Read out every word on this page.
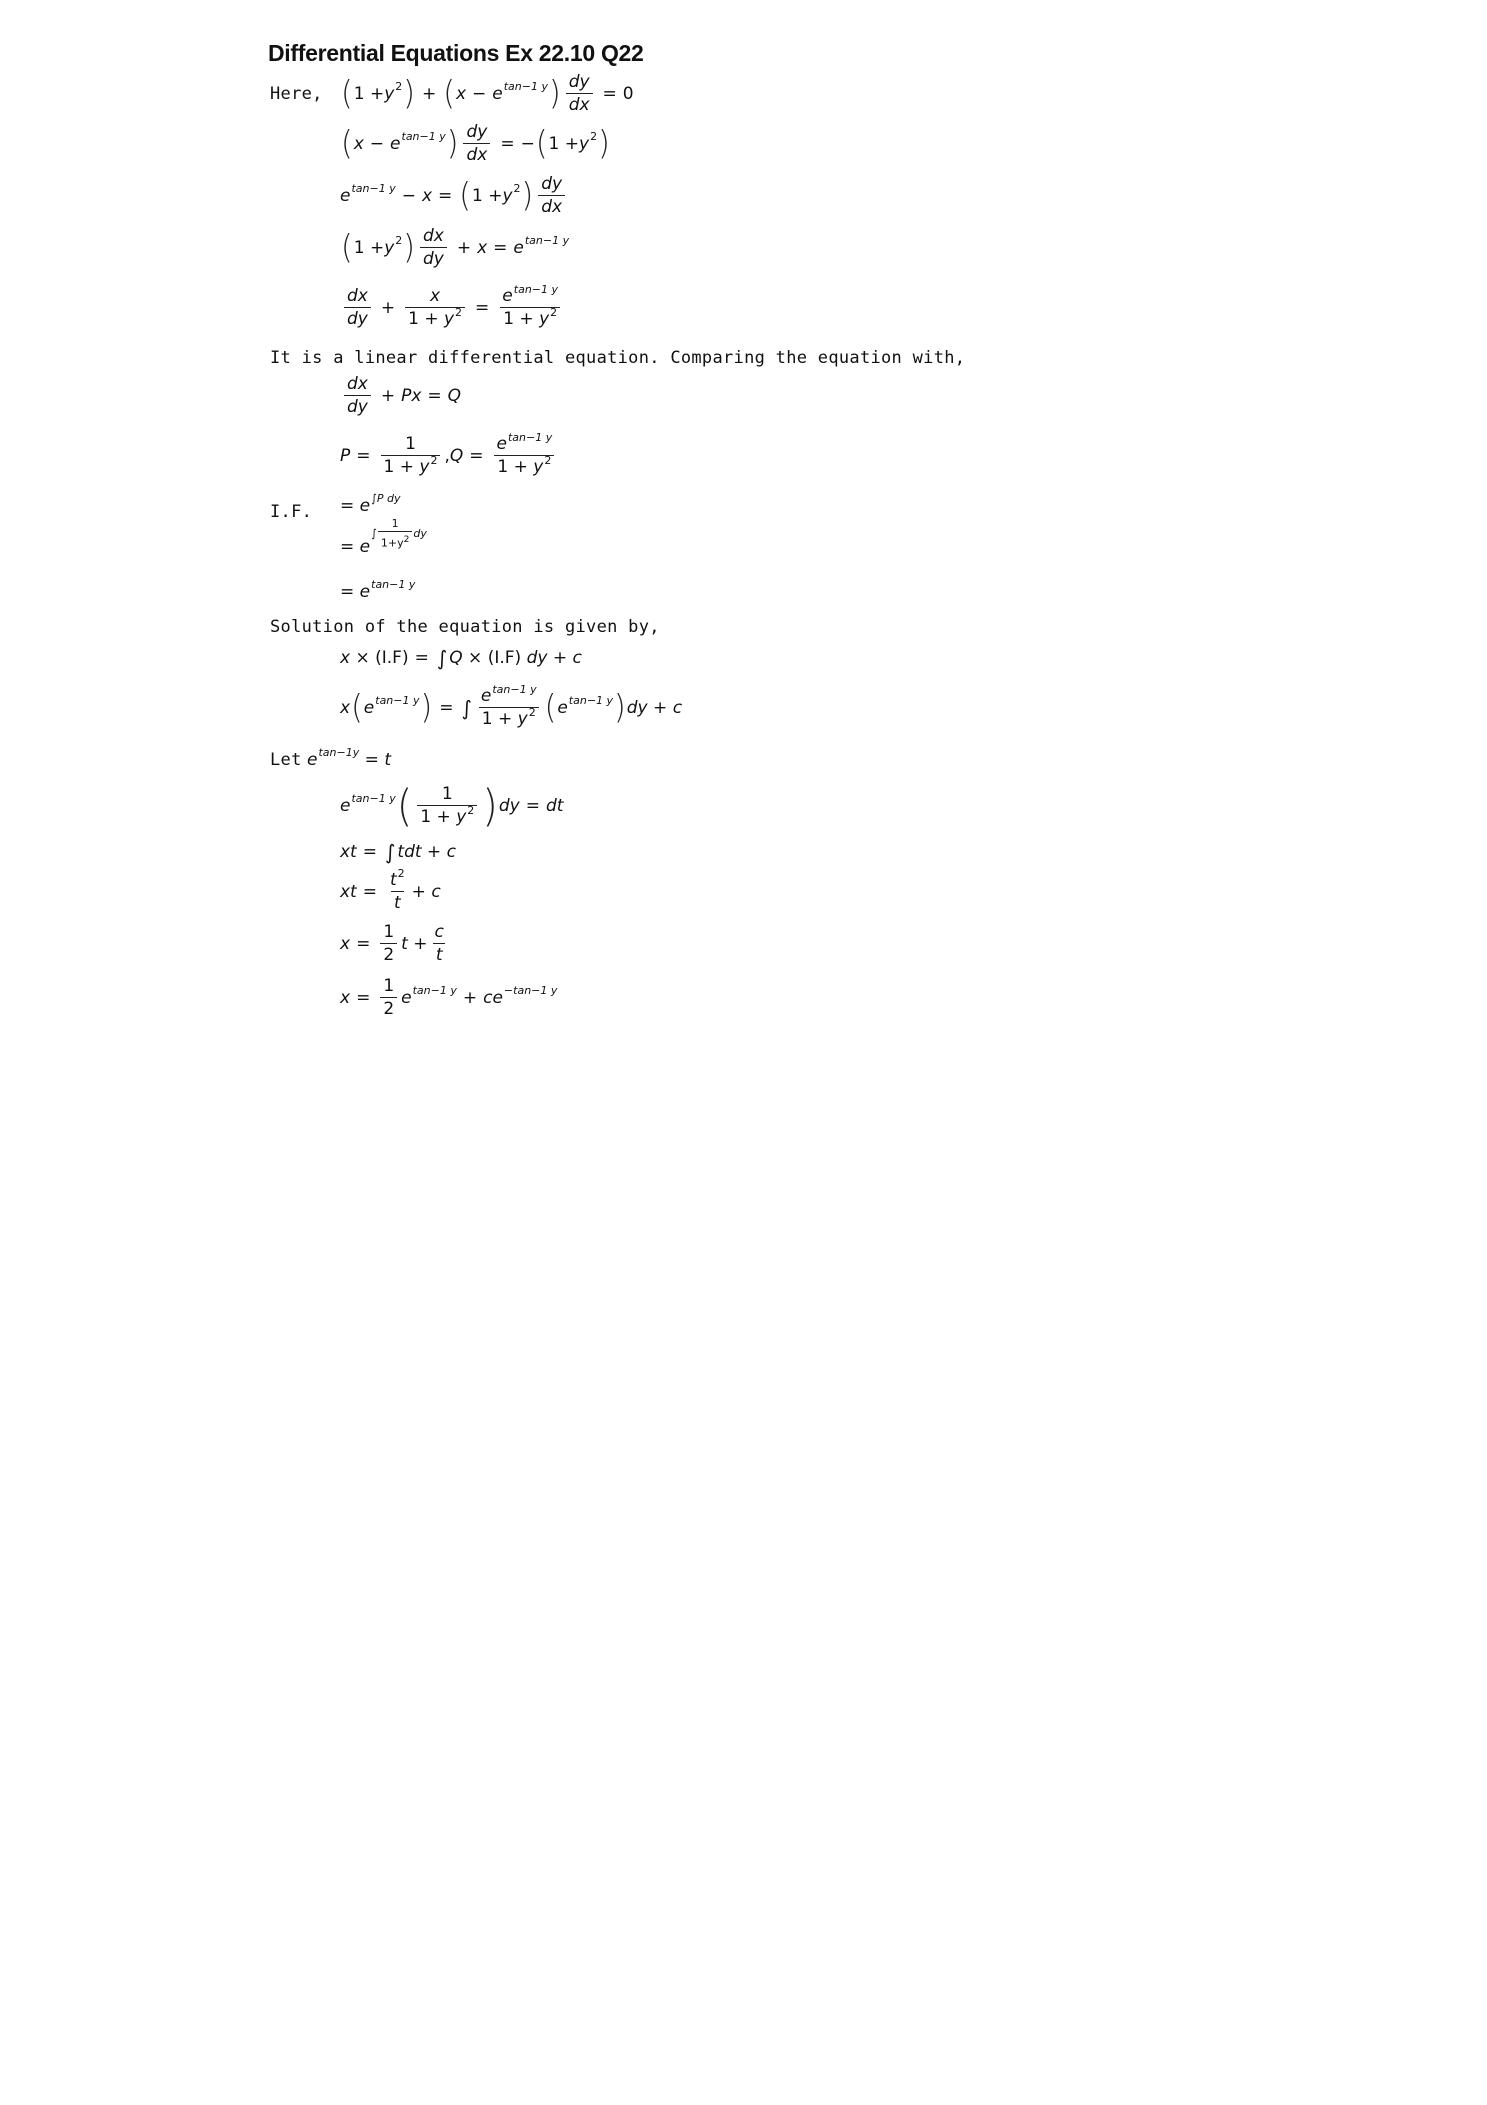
Differential Equations Ex 22.10 Q22
Here, ( 1 + y 2 ) + ( x − e tan−1 y ) $\frac{dy}{dx} = 0$
( x − e tan−1 y ) $\frac{dy}{dx}$ = − ( 1 + y 2 )
e tan−1 y − x = ( 1 + y 2 ) $\frac{dy}{dx}$
( 1 + y 2 ) $\frac{dx}{dy} + x = e$ tan−1 y
$\frac{dx}{dy} + \frac{x}{1 + y^2} = \frac{e^{tan-1 y}}{1 + y^2}$
It is a linear differential equation. Comparing the equation with,
$\frac{dx}{dy} + Px = Q$
$P = \frac{1}{1 + y^2}$ , $Q = \frac{e^{tan-1 y}}{1 + y^2}$
I.F. = e ∫P dy
= e
∫ $\frac{1}{1+y^2}$ dy
= e tan−1 y
Solution of the equation is given by,
x × (I.F) = ∫ Q × (I.F) dy + c
x ( e tan−1 y ) = ∫ $\frac{e^{tan-1 y}}{1 + y^2}$ ( e tan−1 y ) dy + c
Let
e tan−1y = t
e tan−1 y ( $\frac{1}{1 + y^2}$ ) dy = dt
xt = ∫ tdt + c
xt = $\frac{t^2}{t} + c$
$x = \frac{1}{2}$ $t + \frac{c}{t}$
$x = \frac{1}{2}$ e tan−1 y + ce −tan−1 y
